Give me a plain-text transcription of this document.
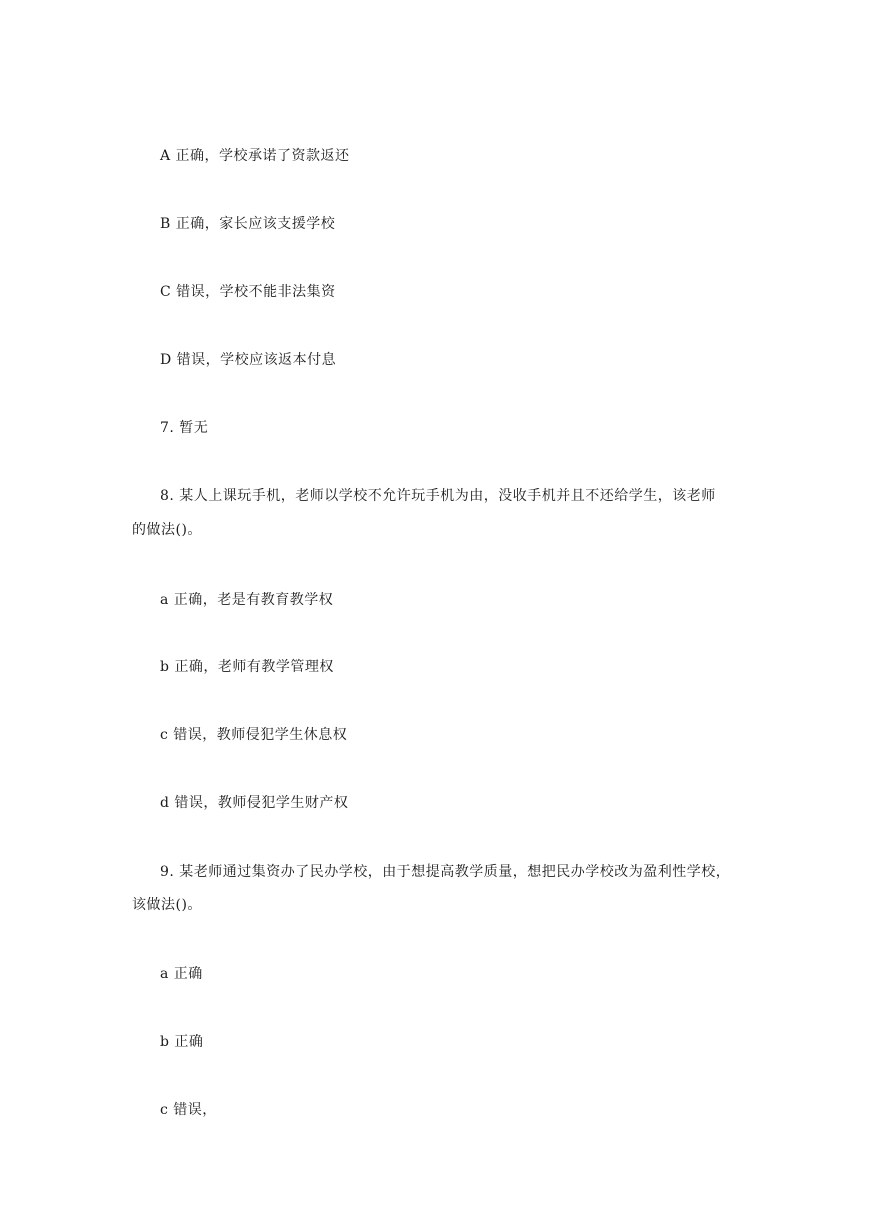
A 正确，学校承诺了资款返还
B 正确，家长应该支援学校
C 错误，学校不能非法集资
D 错误，学校应该返本付息
7. 暂无
8. 某人上课玩手机，老师以学校不允许玩手机为由，没收手机并且不还给学生，该老师
的做法()。
a 正确，老是有教育教学权
b 正确，老师有教学管理权
c 错误，教师侵犯学生休息权
d 错误，教师侵犯学生财产权
9. 某老师通过集资办了民办学校，由于想提高教学质量，想把民办学校改为盈利性学校，
该做法()。
a 正确
b 正确
c 错误，
